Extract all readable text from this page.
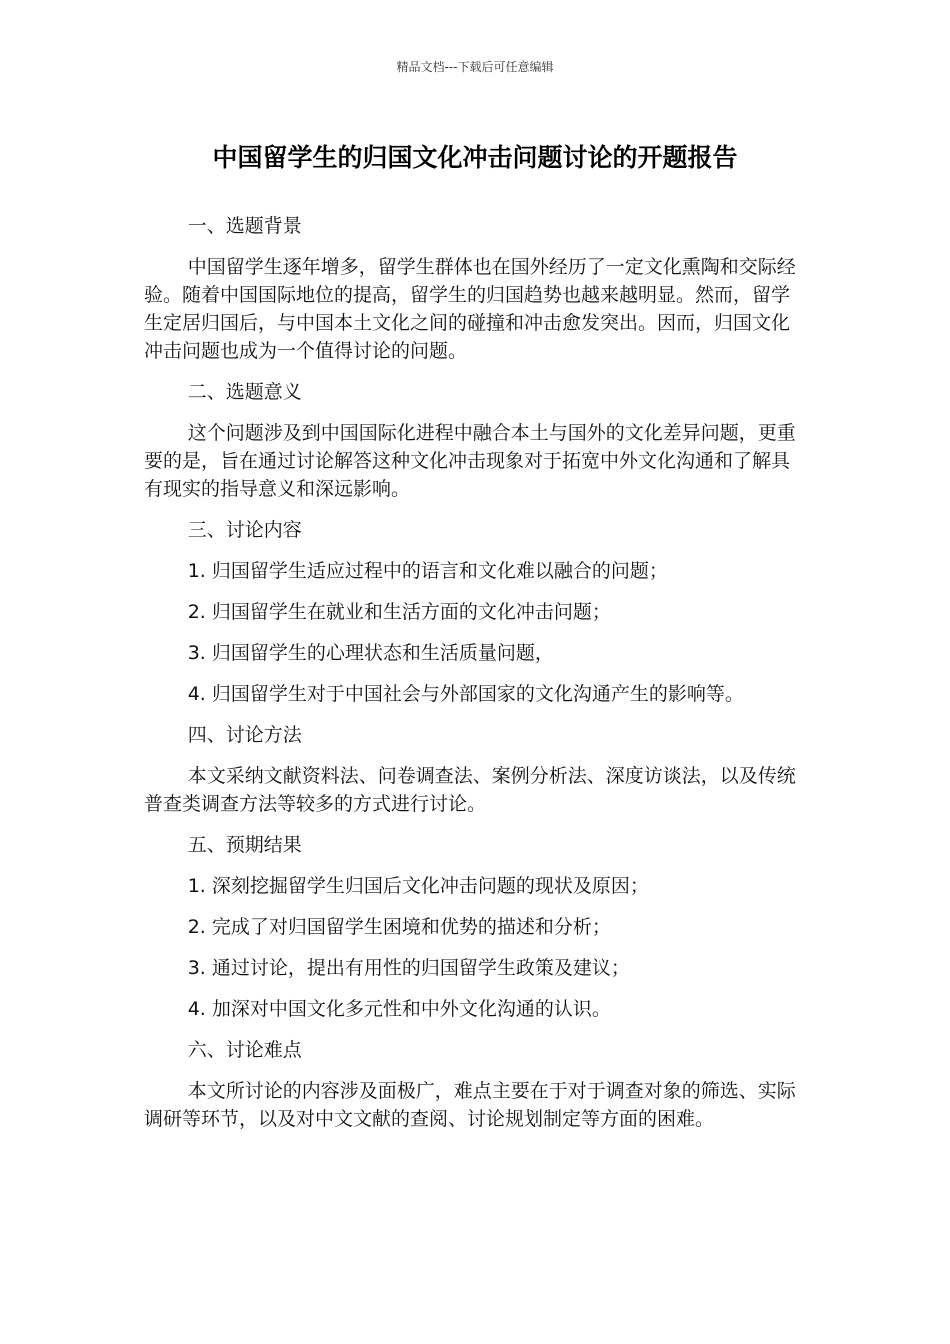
精品文档---下载后可任意编辑
中国留学生的归国文化冲击问题讨论的开题报告

一、选题背景

中国留学生逐年增多，留学生群体也在国外经历了一定文化熏陶和交际经验。随着中国国际地位的提高，留学生的归国趋势也越来越明显。然而，留学生定居归国后，与中国本土文化之间的碰撞和冲击愈发突出。因而，归国文化冲击问题也成为一个值得讨论的问题。

二、选题意义

这个问题涉及到中国国际化进程中融合本土与国外的文化差异问题，更重要的是，旨在通过讨论解答这种文化冲击现象对于拓宽中外文化沟通和了解具有现实的指导意义和深远影响。

三、讨论内容

1. 归国留学生适应过程中的语言和文化难以融合的问题；

2. 归国留学生在就业和生活方面的文化冲击问题；

3. 归国留学生的心理状态和生活质量问题，

4. 归国留学生对于中国社会与外部国家的文化沟通产生的影响等。

四、讨论方法

本文采纳文献资料法、问卷调查法、案例分析法、深度访谈法，以及传统普查类调查方法等较多的方式进行讨论。

五、预期结果

1. 深刻挖掘留学生归国后文化冲击问题的现状及原因；

2. 完成了对归国留学生困境和优势的描述和分析；

3. 通过讨论，提出有用性的归国留学生政策及建议；

4. 加深对中国文化多元性和中外文化沟通的认识。

六、讨论难点

本文所讨论的内容涉及面极广，难点主要在于对于调查对象的筛选、实际调研等环节，以及对中文文献的查阅、讨论规划制定等方面的困难。
